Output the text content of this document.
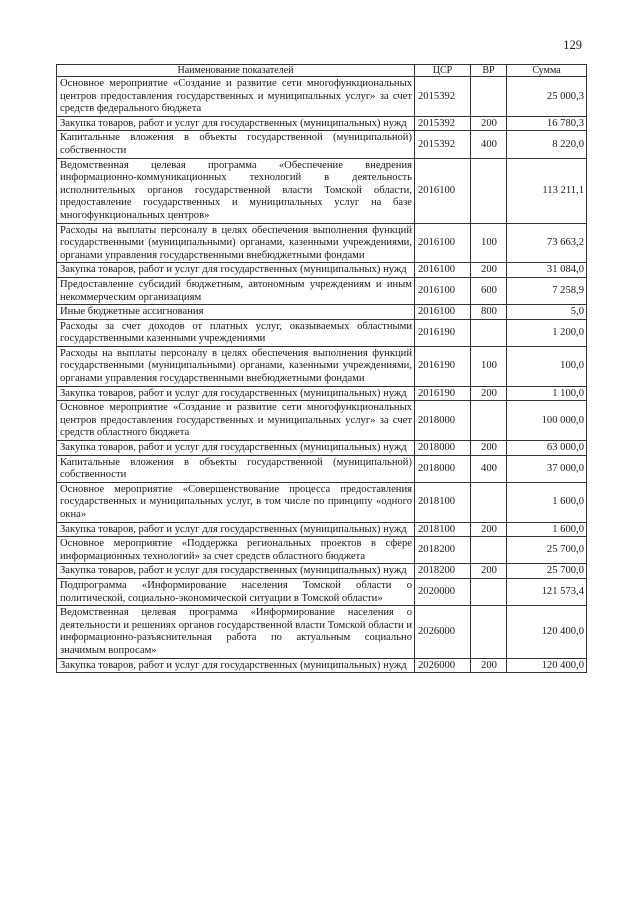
129
Наименование показателей	ЦСР	ВР	Сумма
Основное мероприятие «Создание и развитие сети многофункциональных центров предоставления государственных и муниципальных услуг» за счет средств федерального бюджета	2015392		25 000,3
Закупка товаров, работ и услуг для государственных (муниципальных) нужд	2015392	200	16 780,3
Капитальные вложения в объекты государственной (муниципальной) собственности	2015392	400	8 220,0
Ведомственная целевая программа «Обеспечение внедрения информационно-коммуникационных технологий в деятельность исполнительных органов государственной власти Томской области, предоставление государственных и муниципальных услуг на базе многофункциональных центров»	2016100		113 211,1
Расходы на выплаты персоналу в целях обеспечения выполнения функций государственными (муниципальными) органами, казенными учреждениями, органами управления государственными внебюджетными фондами	2016100	100	73 663,2
Закупка товаров, работ и услуг для государственных (муниципальных) нужд	2016100	200	31 084,0
Предоставление субсидий бюджетным, автономным учреждениям и иным некоммерческим организациям	2016100	600	7 258,9
Иные бюджетные ассигнования	2016100	800	5,0
Расходы за счет доходов от платных услуг, оказываемых областными государственными казенными учреждениями	2016190		1 200,0
Расходы на выплаты персоналу в целях обеспечения выполнения функций государственными (муниципальными) органами, казенными учреждениями, органами управления государственными внебюджетными фондами	2016190	100	100,0
Закупка товаров, работ и услуг для государственных (муниципальных) нужд	2016190	200	1 100,0
Основное мероприятие «Создание и развитие сети многофункциональных центров предоставления государственных и муниципальных услуг» за счет средств областного бюджета	2018000		100 000,0
Закупка товаров, работ и услуг для государственных (муниципальных) нужд	2018000	200	63 000,0
Капитальные вложения в объекты государственной (муниципальной) собственности	2018000	400	37 000,0
Основное мероприятие «Совершенствование процесса предоставления государственных и муниципальных услуг, в том числе по принципу «одного окна»	2018100		1 600,0
Закупка товаров, работ и услуг для государственных (муниципальных) нужд	2018100	200	1 600,0
Основное мероприятие «Поддержка региональных проектов в сфере информационных технологий» за счет средств областного бюджета	2018200		25 700,0
Закупка товаров, работ и услуг для государственных (муниципальных) нужд	2018200	200	25 700,0
Подпрограмма «Информирование населения Томской области о политической, социально-экономической ситуации в Томской области»	2020000		121 573,4
Ведомственная целевая программа «Информирование населения о деятельности и решениях органов государственной власти Томской области и информационно-разъяснительная работа по актуальным социально значимым вопросам»	2026000		120 400,0
Закупка товаров, работ и услуг для государственных (муниципальных) нужд	2026000	200	120 400,0
